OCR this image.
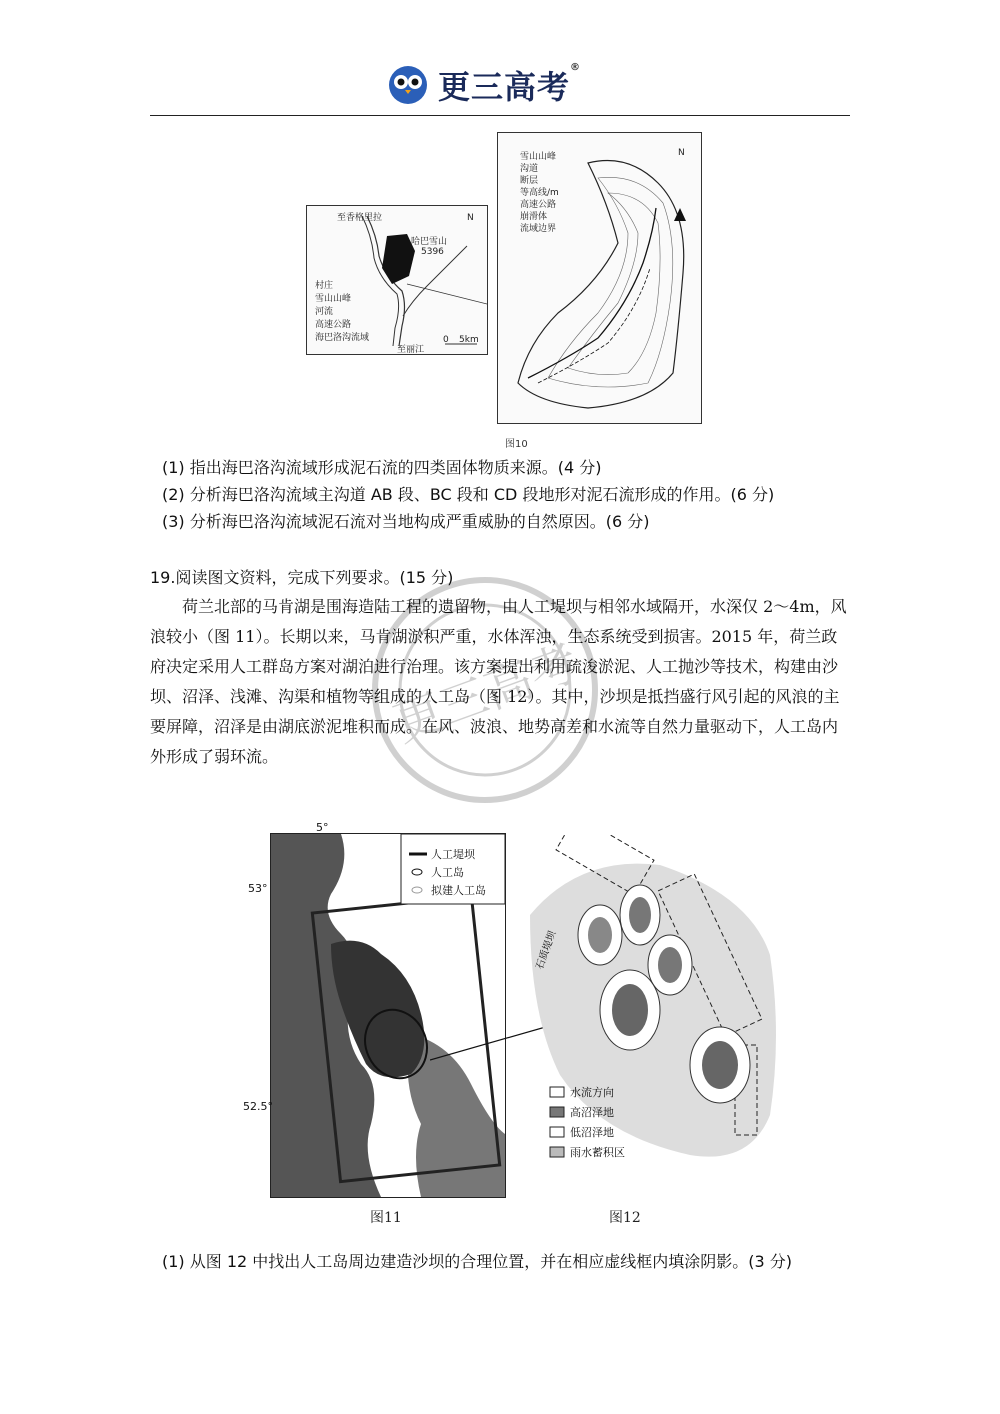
更三高考®
至香格里拉
哈巴雪山
5396
至丽江
0 5km
N
村庄
雪山山峰
河流
高速公路
海巴洛沟流域
N
雪山山峰
沟道
断层
等高线/m
高速公路
崩滑体
流域边界
图10
(1) 指出海巴洛沟流域形成泥石流的四类固体物质来源。(4 分)
(2) 分析海巴洛沟流域主沟道 AB 段、BC 段和 CD 段地形对泥石流形成的作用。(6 分)
(3) 分析海巴洛沟流域泥石流对当地构成严重威胁的自然原因。(6 分)
19.阅读图文资料，完成下列要求。(15 分)
荷兰北部的马肯湖是围海造陆工程的遗留物，由人工堤坝与相邻水域隔开，水深仅 2～4m，风浪较小（图 11）。长期以来，马肯湖淤积严重，水体浑浊，生态系统受到损害。2015 年，荷兰政府决定采用人工群岛方案对湖泊进行治理。该方案提出利用疏浚淤泥、人工抛沙等技术，构建由沙坝、沼泽、浅滩、沟渠和植物等组成的人工岛（图 12）。其中，沙坝是抵挡盛行风引起的风浪的主要屏障，沼泽是由湖底淤泥堆积而成。在风、波浪、地势高差和水流等自然力量驱动下，人工岛内外形成了弱环流。
更三高考
人工堤坝
人工岛
拟建人工岛
5°
53°
52.5°
石质堤坝
水流方向
高沼泽地
低沼泽地
雨水蓄积区
图11	图12
(1) 从图 12 中找出人工岛周边建造沙坝的合理位置，并在相应虚线框内填涂阴影。(3 分)
